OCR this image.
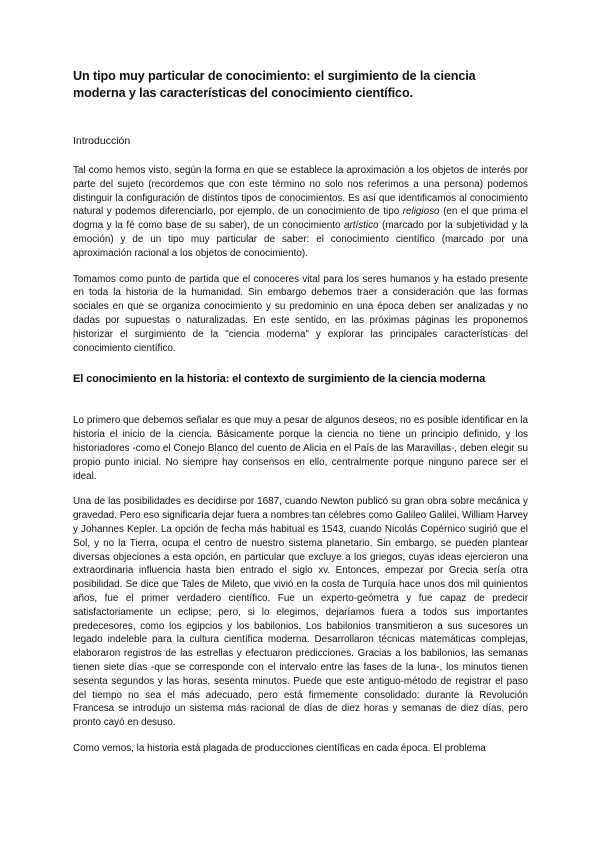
Un tipo muy particular de conocimiento: el surgimiento de la ciencia moderna y las características del conocimiento científico.
Introducción

Tal como hemos visto, según la forma en que se establece la aproximación a los objetos de interés por parte del sujeto (recordemos que con este término no solo nos referimos a una persona) podemos distinguir la configuración de distintos tipos de conocimientos. Es así que identificamos al conocimiento natural y podemos diferenciarlo, por ejemplo, de un conocimiento de tipo religioso (en el que prima el dogma y la fé como base de su saber), de un conocimiento artístico (marcado por la subjetividad y la emoción) y de un tipo muy particular de saber: el conocimiento científico (marcado por una aproximación racional a los objetos de conocimiento).

Tomamos como punto de partida que el conoceres vital para los seres humanos y ha estado presente en toda la historia de la humanidad. Sin embargo debemos traer a consideración que las formas sociales en que se organiza conocimiento y su predominio en una época deben ser analizadas y no dadas por supuestas o naturalizadas. En este sentido, en las próximas páginas les proponemos historizar el surgimiento de la "ciencia moderna" y explorar las principales características del conocimiento científico.

El conocimiento en la historia: el contexto de surgimiento de la ciencia moderna

Lo primero que debemos señalar es que muy a pesar de algunos deseos, no es posible identificar en la historia el inicio de la ciencia. Básicamente porque la ciencia no tiene un principio definido, y los historiadores -como el Conejo Blanco del cuento de Alicia en el País de las Maravillas-, deben elegir su propio punto inicial. No siempre hay consensos en ello, centralmente porque ninguno parece ser el ideal.

Una de las posibilidades es decidirse por 1687, cuando Newton publicó su gran obra sobre mecánica y gravedad. Pero eso significaría dejar fuera a nombres tan célebres como Galileo Galilei, William Harvey y Johannes Kepler. La opción de fecha más habitual es 1543, cuando Nicolás Copérnico sugirió que el Sol, y no la Tierra, ocupa el centro de nuestro sistema planetario. Sin embargo, se pueden plantear diversas objeciones a esta opción, en particular que excluye a los griegos, cuyas ideas ejercieron una extraordinaria influencia hasta bien entrado el siglo xv. Entonces, empezar por Grecia sería otra posibilidad. Se dice que Tales de Mileto, que vivió en la costa de Turquía hace unos dos mil quinientos años, fue el primer verdadero científico. Fue un experto-geómetra y fue capaz de predecir satisfactoriamente un eclipse; pero, si lo elegimos, dejaríamos fuera a todos sus importantes predecesores, como los egipcios y los babilonios. Los babilonios transmitieron a sus sucesores un legado indeleble para la cultura científica moderna. Desarrollaron técnicas matemáticas complejas, elaboraron registros de las estrellas y efectuaron predicciones. Gracias a los babilonios, las semanas tienen siete días -que se corresponde con el intervalo entre las fases de la luna-, los minutos tienen sesenta segundos y las horas, sesenta minutos. Puede que este antiguo-método de registrar el paso del tiempo no sea el más adecuado, pero está firmemente consolidado: durante la Revolución Francesa se introdujo un sistema más racional de días de diez horas y semanas de diez días, pero pronto cayó en desuso.

Como vemos, la historia está plagada de producciones científicas en cada época. El problema
